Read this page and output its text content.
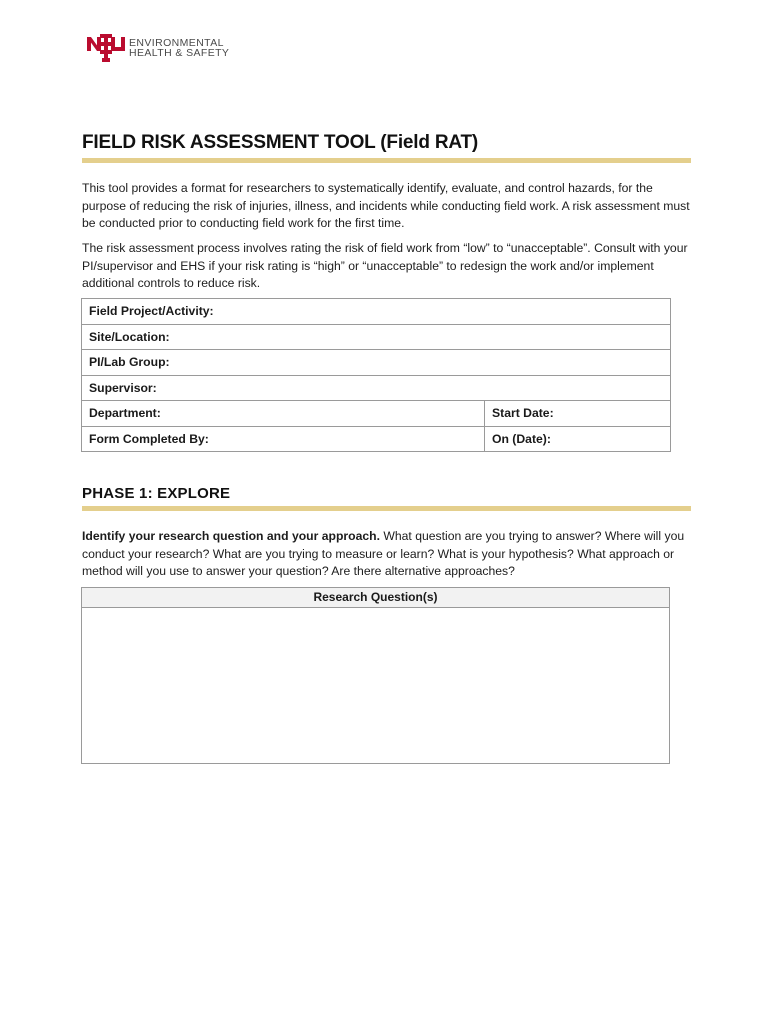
ENVIRONMENTAL
HEALTH & SAFETY
FIELD RISK ASSESSMENT TOOL (Field RAT)

This tool provides a format for researchers to systematically identify, evaluate, and control hazards, for the purpose of reducing the risk of injuries, illness, and incidents while conducting field work. A risk assessment must be conducted prior to conducting field work for the first time.

The risk assessment process involves rating the risk of field work from “low” to “unacceptable”. Consult with your PI/supervisor and EHS if your risk rating is “high” or “unacceptable” to redesign the work and/or implement additional controls to reduce risk.

Field Project/Activity:	
Site/Location:	
PI/Lab Group:	
Supervisor:	
Department:	Start Date:
Form Completed By:	On (Date):
PHASE 1: EXPLORE

Identify your research question and your approach. What question are you trying to answer? Where will you conduct your research? What are you trying to measure or learn? What is your hypothesis? What approach or method will you use to answer your question? Are there alternative approaches?

Research Question(s)
